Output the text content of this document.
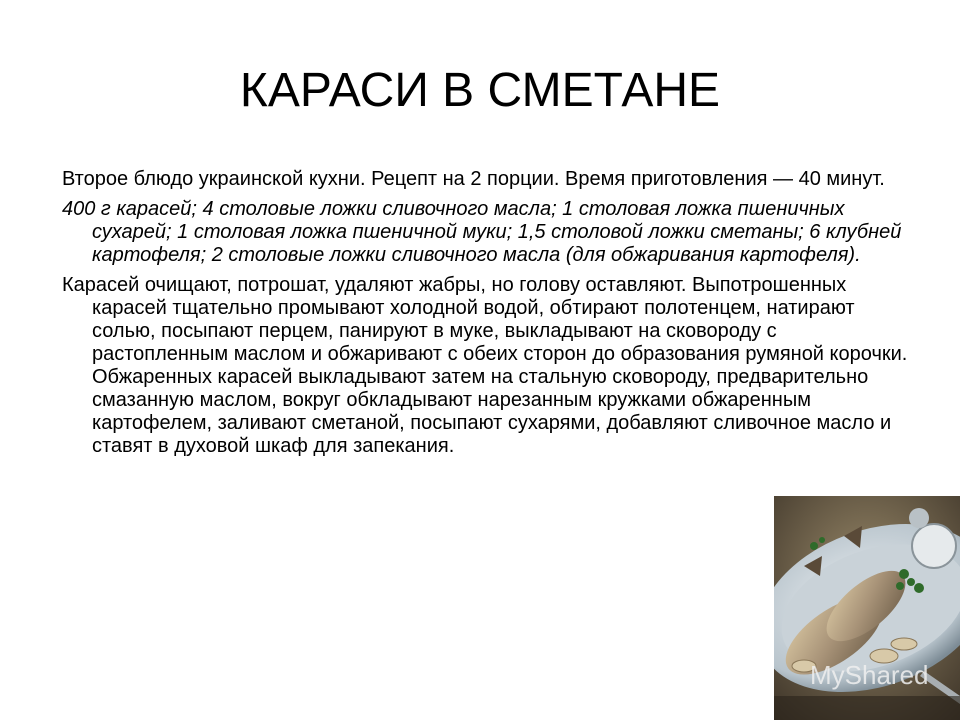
КАРАСИ В СМЕТАНЕ

Второе блюдо украинской кухни. Рецепт на 2 порции. Время приготовления — 40 минут.

400 г карасей; 4 столовые ложки сливочного масла; 1 столовая ложка пшеничных сухарей; 1 столовая ложка пшеничной муки; 1,5 столовой ложки сметаны; 6 клубней картофеля; 2 столовые ложки сливочного масла (для обжаривания картофеля).

Карасей очищают, потрошат, удаляют жабры, но голову оставляют. Выпотрошенных карасей тщательно промывают холодной водой, обтирают полотенцем, натирают солью, посыпают перцем, панируют в муке, выкладывают на сковороду с растопленным маслом и обжаривают с обеих сторон до образования румяной корочки. Обжаренных карасей выкладывают затем на стальную сковороду, предварительно смазанную маслом, вокруг обкладывают нарезанным кружками обжаренным картофелем, заливают сметаной, посыпают сухарями, добавляют сливочное масло и ставят в духовой шкаф для запекания.

MyShared
